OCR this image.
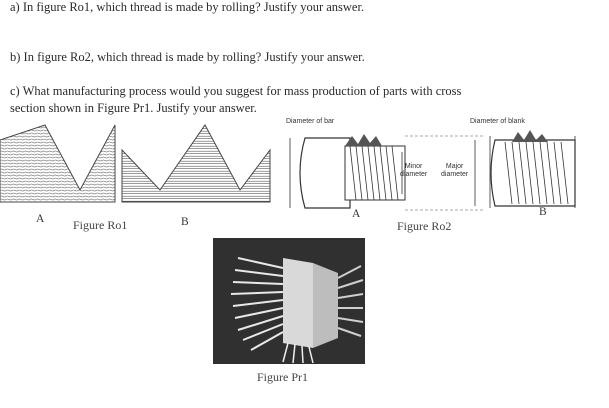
a) In figure Ro1, which thread is made by rolling? Justify your answer.
b) In figure Ro2, which thread is made by rolling? Justify your answer.
c) What manufacturing process would you suggest for mass production of parts with cross
section shown in Figure Pr1. Justify your answer.
A	B
Figure Ro1
Diameter of bar	Diameter of blank
Minor
diameter
Major
diameter
A	B
Figure Ro2
Figure Pr1
